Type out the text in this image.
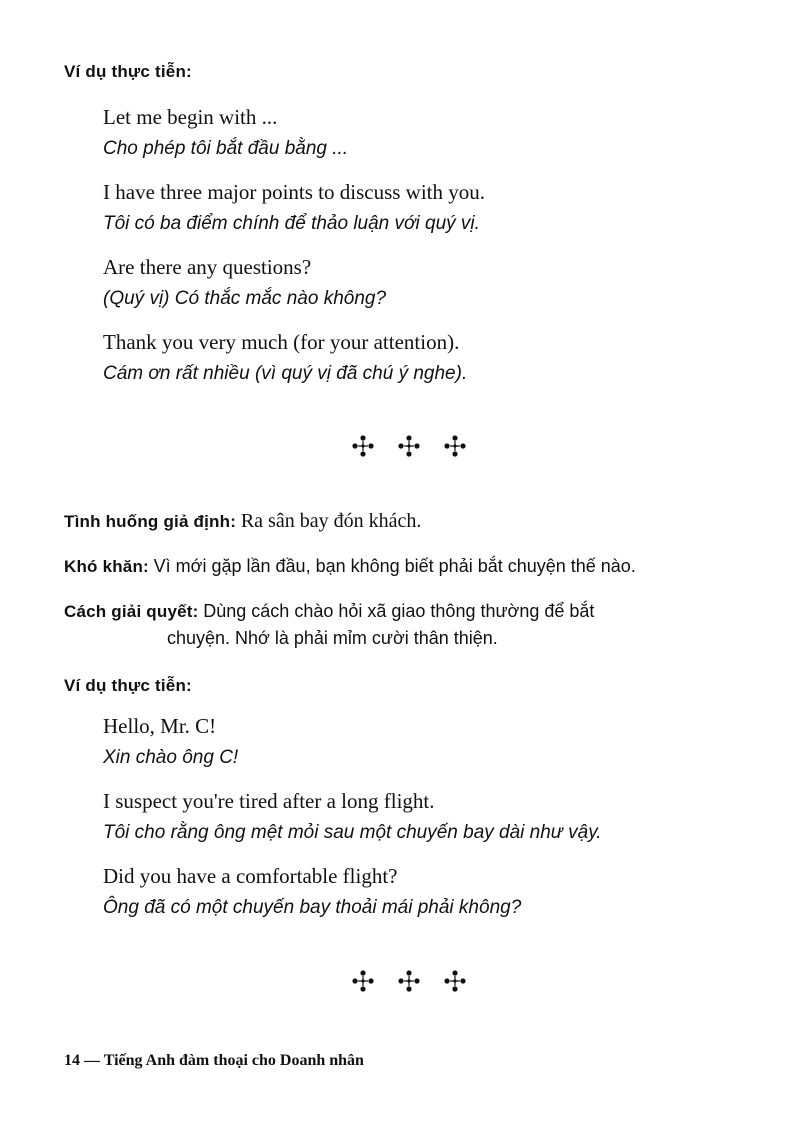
Ví dụ thực tiễn:
Let me begin with ...
Cho phép tôi bắt đầu bằng ...
I have three major points to discuss with you.
Tôi có ba điểm chính để thảo luận với quý vị.
Are there any questions?
(Quý vị) Có thắc mắc nào không?
Thank you very much (for your attention).
Cám ơn rất nhiều (vì quý vị đã chú ý nghe).
Tình huống giả định: Ra sân bay đón khách.
Khó khăn: Vì mới gặp lần đầu, bạn không biết phải bắt chuyện thế nào.
Cách giải quyết: Dùng cách chào hỏi xã giao thông thường để bắt
chuyện. Nhớ là phải mỉm cười thân thiện.
Ví dụ thực tiễn:
Hello, Mr. C!
Xin chào ông C!
I suspect you're tired after a long flight.
Tôi cho rằng ông mệt mỏi sau một chuyến bay dài như vậy.
Did you have a comfortable flight?
Ông đã có một chuyến bay thoải mái phải không?
14 — Tiếng Anh đàm thoại cho Doanh nhân
